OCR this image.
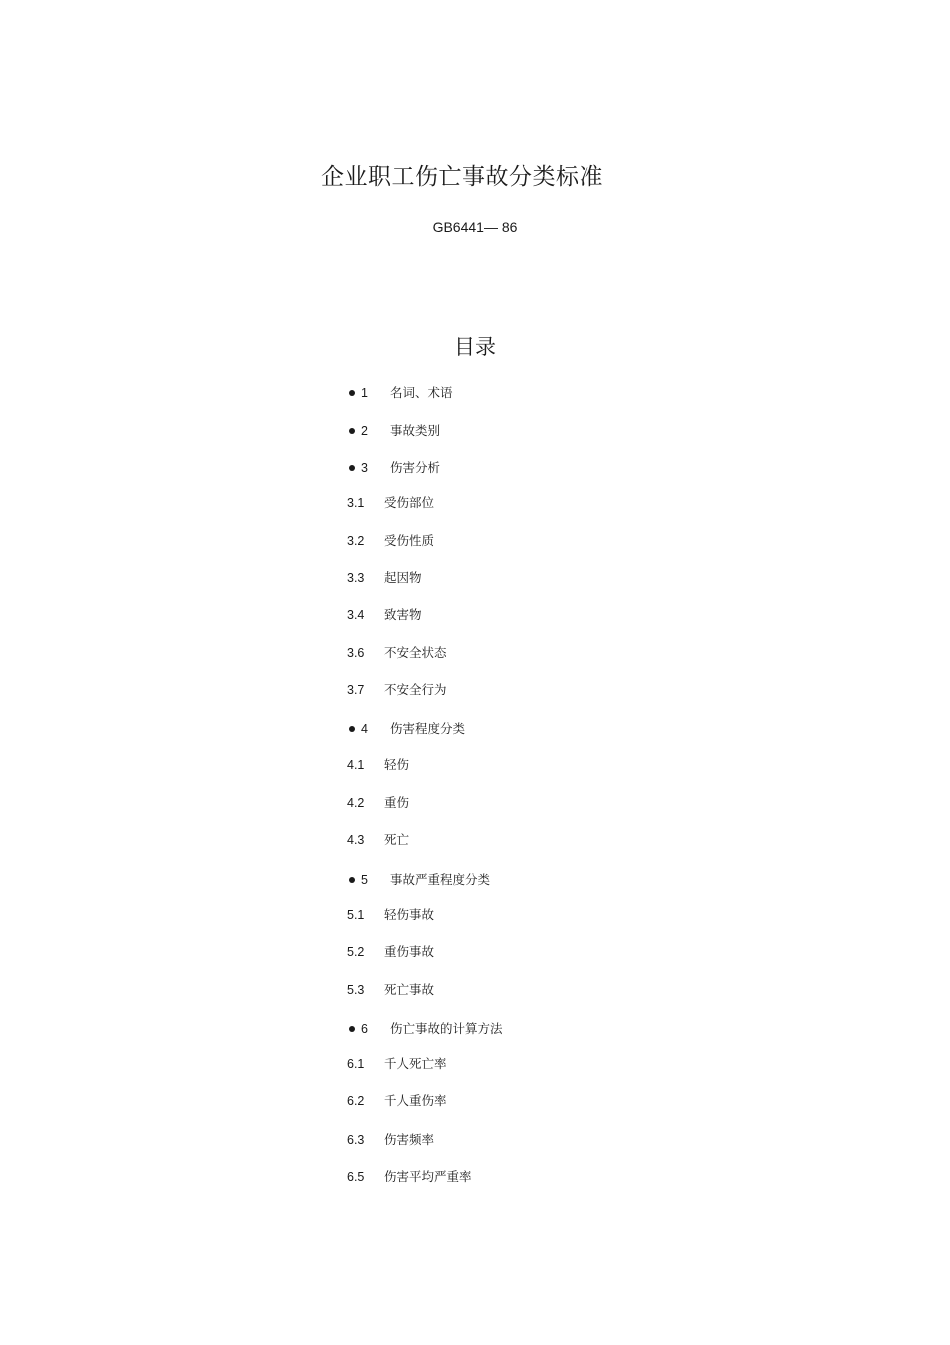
企业职工伤亡事故分类标准
GB6441— 86
目录
1 名词、术语
2 事故类别
3 伤害分析
3.1 受伤部位
3.2 受伤性质
3.3 起因物
3.4 致害物
3.6 不安全状态
3.7 不安全行为
4 伤害程度分类
4.1 轻伤
4.2 重伤
4.3 死亡
5 事故严重程度分类
5.1 轻伤事故
5.2 重伤事故
5.3 死亡事故
6 伤亡事故的计算方法
6.1 千人死亡率
6.2 千人重伤率
6.3 伤害频率
6.5 伤害平均严重率
